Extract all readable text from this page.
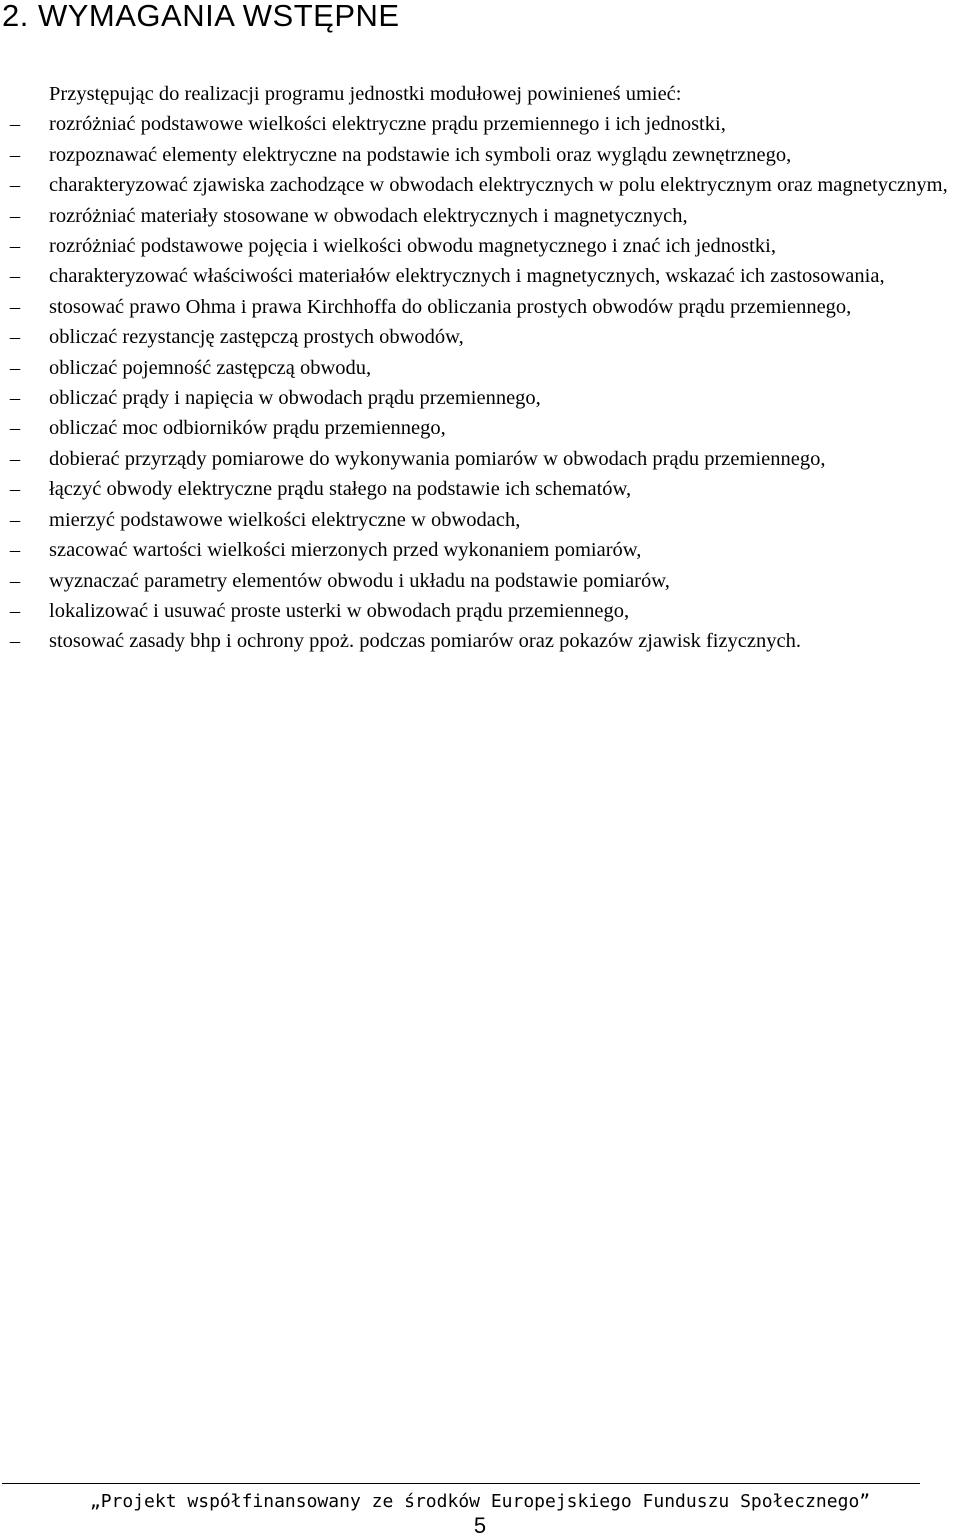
2. WYMAGANIA WSTĘPNE

Przystępując do realizacji programu jednostki modułowej powinieneś umieć:

–	rozróżniać podstawowe wielkości elektryczne prądu przemiennego i ich jednostki,
–	rozpoznawać elementy elektryczne na podstawie ich symboli oraz wyglądu zewnętrznego,
–	charakteryzować zjawiska zachodzące w obwodach elektrycznych w polu elektrycznym oraz magnetycznym,
–	rozróżniać materiały stosowane w obwodach elektrycznych i magnetycznych,
–	rozróżniać podstawowe pojęcia i wielkości obwodu magnetycznego i znać ich jednostki,
–	charakteryzować właściwości materiałów elektrycznych i magnetycznych, wskazać ich zastosowania,
–	stosować prawo Ohma i prawa Kirchhoffa do obliczania prostych obwodów prądu przemiennego,
–	obliczać rezystancję zastępczą prostych obwodów,
–	obliczać pojemność zastępczą obwodu,
–	obliczać prądy i napięcia w obwodach prądu przemiennego,
–	obliczać moc odbiorników prądu przemiennego,
–	dobierać przyrządy pomiarowe do wykonywania pomiarów w obwodach prądu przemiennego,
–	łączyć obwody elektryczne prądu stałego na podstawie ich schematów,
–	mierzyć podstawowe wielkości elektryczne w obwodach,
–	szacować wartości wielkości mierzonych przed wykonaniem pomiarów,
–	wyznaczać parametry elementów obwodu i układu na podstawie pomiarów,
–	lokalizować i usuwać proste usterki w obwodach prądu przemiennego,
–	stosować zasady bhp i ochrony ppoż. podczas pomiarów oraz pokazów zjawisk fizycznych.

„Projekt współfinansowany ze środków Europejskiego Funduszu Społecznego”

5
